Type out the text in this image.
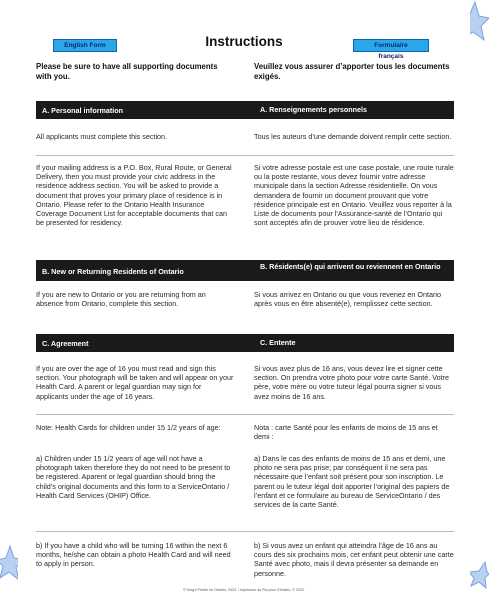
English Form	Instructions	Formulaire français
Please be sure to have all supporting documents with you.
Veuillez vous assurer d’apporter tous les documents exigés.
A. Personal information	A. Renseignements personnels
All applicants must complete this section.	Tous les auteurs d’une demande doivent remplir cette section.
If your mailing address is a P.O. Box, Rural Route, or General Delivery, then you must provide your civic address in the residence address section. You will be asked to provide a document that proves your primary place of residence is in Ontario. Please refer to the Ontario Health Insurance Coverage Document List for acceptable documents that can be presented for residency.
Si votre adresse postale est une case postale, une route rurale ou la poste restante, vous devez fournir votre adresse municipale dans la section Adresse résidentielle. On vous demandera de fournir un document prouvant que votre résidence principale est en Ontario. Veuillez vous reporter à la Liste de documents pour l’Assurance-santé de l’Ontario qui sont acceptés afin de prouver votre lieu de résidence.
B. New or Returning Residents of Ontario
B. Résidents(e) qui arrivent ou reviennent en Ontario
If you are new to Ontario or you are returning from an absence from Ontario, complete this section.
Si vous arrivez en Ontario ou que vous revenez en Ontario après vous en être absenté(e), remplissez cette section.
C. Agreement	C. Entente
If you are over the age of 16 you must read and sign this section. Your photograph will be taken and will appear on your Health Card. A parent or legal guardian may sign for applicants under the age of 16 years.
Si vous avez plus de 16 ans, vous devez lire et signer cette section. On prendra votre photo pour votre carte Santé. Votre père, votre mère ou votre tuteur légal pourra signer si vous avez moins de 16 ans.
Note: Health Cards for children under 15 1/2 years of age:	Nota : carte Santé pour les enfants de moins de 15 ans et demi :
a) Children under 15 1/2 years of age will not have a photograph taken therefore they do not need to be present to be registered. Aparent or legal guardian should bring the child’s original documents and this form to a ServiceOntario / Health Card Services (OHIP) Office.
a) Dans le cas des enfants de moins de 15 ans et demi, une photo ne sera pas prise; par conséquent il ne sera pas nécessaire que l’enfant soit présent pour son inscription. Le parent ou le tuteur légal doit apporter l’original des papiers de l’enfant et ce formulaire au bureau de ServiceOntario / des services de la carte Santé.
b) If you have a child who will be turning 16 within the next 6 months, he/she can obtain a photo Health Card and will need to apply in person.
b) Si vous avez un enfant qui atteindra l’âge de 16 ans au cours des six prochains mois, cet enfant peut obtenir une carte Santé avec photo, mais il devra présenter sa demande en personne.
© King’s Printer for Ontario, 2022. / Imprimeur du Roi pour l’Ontario, © 2022.
